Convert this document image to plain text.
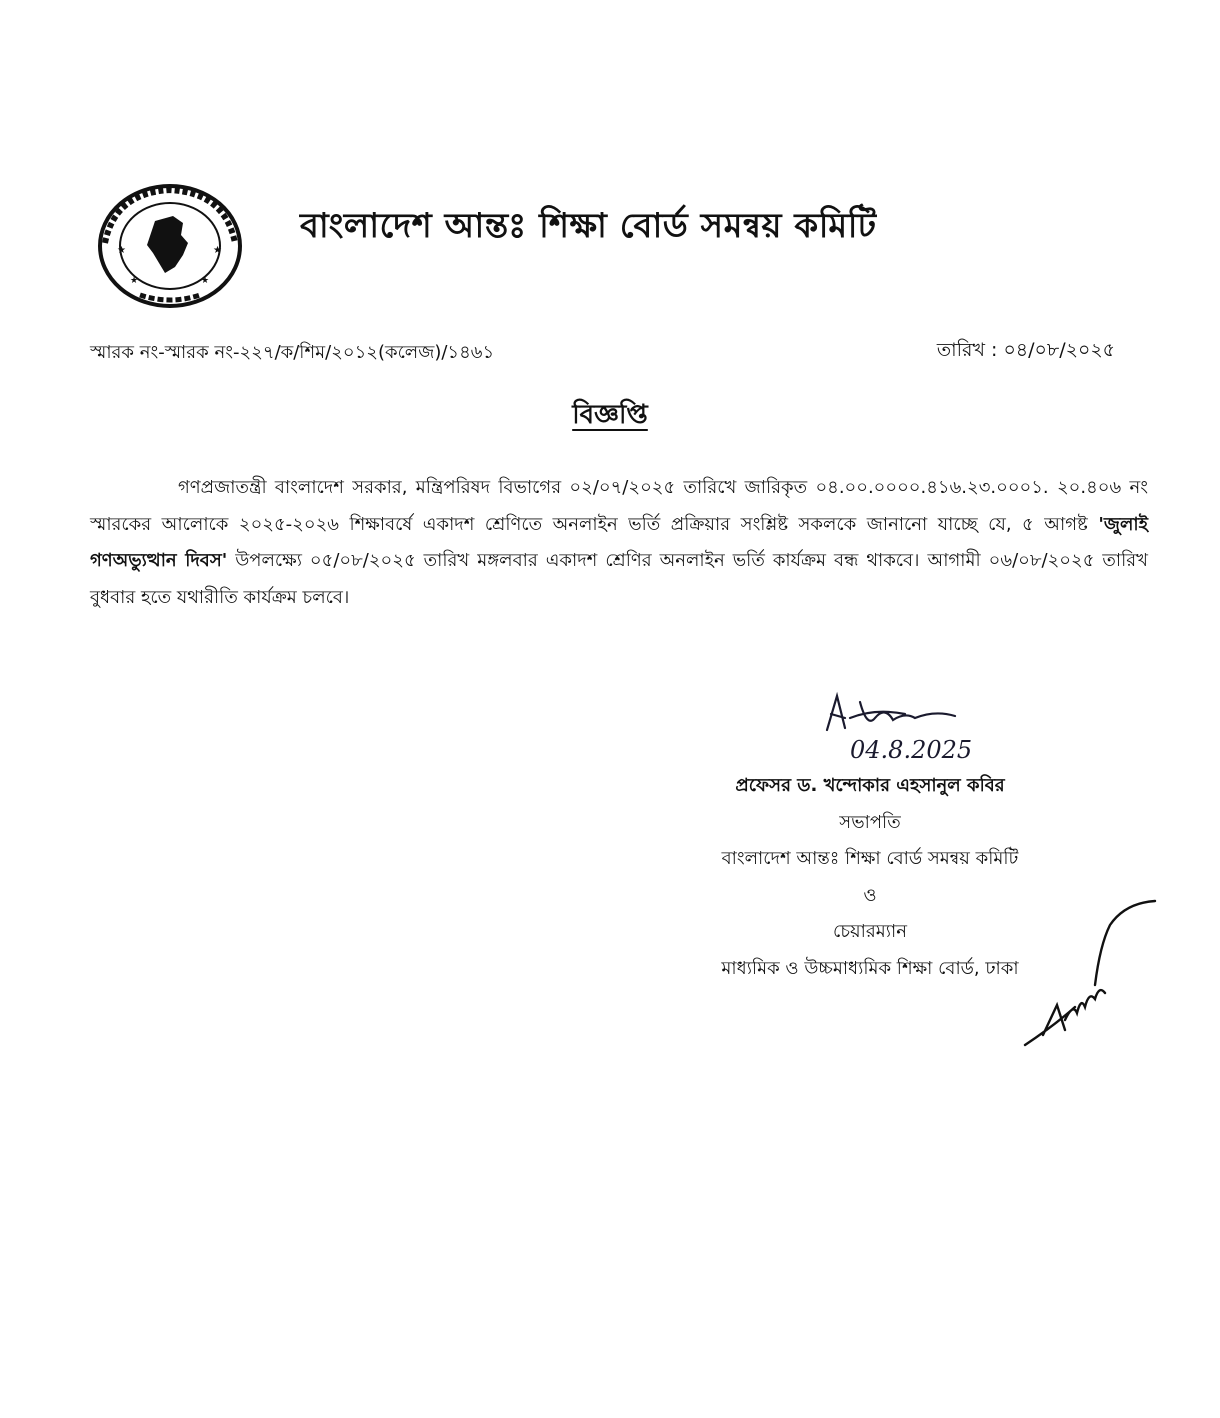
★	★
★	★
বাংলাদেশ আন্তঃ শিক্ষা বোর্ড সমন্বয় কমিটি
স্মারক নং-স্মারক নং-২২৭/ক/শিম/২০১২(কলেজ)/১৪৬১	তারিখ : ০৪/০৮/২০২৫
বিজ্ঞপ্তি

গণপ্রজাতন্ত্রী বাংলাদেশ সরকার, মন্ত্রিপরিষদ বিভাগের ০২/০৭/২০২৫ তারিখে জারিকৃত ০৪.০০.০০০০.৪১৬.২৩.০০০১. ২০.৪০৬ নং স্মারকের আলোকে ২০২৫-২০২৬ শিক্ষাবর্ষে একাদশ শ্রেণিতে অনলাইন ভর্তি প্রক্রিয়ার সংশ্লিষ্ট সকলকে জানানো যাচ্ছে যে, ৫ আগষ্ট 'জুলাই গণঅভ্যুত্থান দিবস' উপলক্ষ্যে ০৫/০৮/২০২৫ তারিখ মঙ্গলবার একাদশ শ্রেণির অনলাইন ভর্তি কার্যক্রম বন্ধ থাকবে। আগামী ০৬/০৮/২০২৫ তারিখ বুধবার হতে যথারীতি কার্যক্রম চলবে।

04.8.2025
প্রফেসর ড. খন্দোকার এহসানুল কবির
সভাপতি
বাংলাদেশ আন্তঃ শিক্ষা বোর্ড সমন্বয় কমিটি
ও
চেয়ারম্যান
মাধ্যমিক ও উচ্চমাধ্যমিক শিক্ষা বোর্ড, ঢাকা
